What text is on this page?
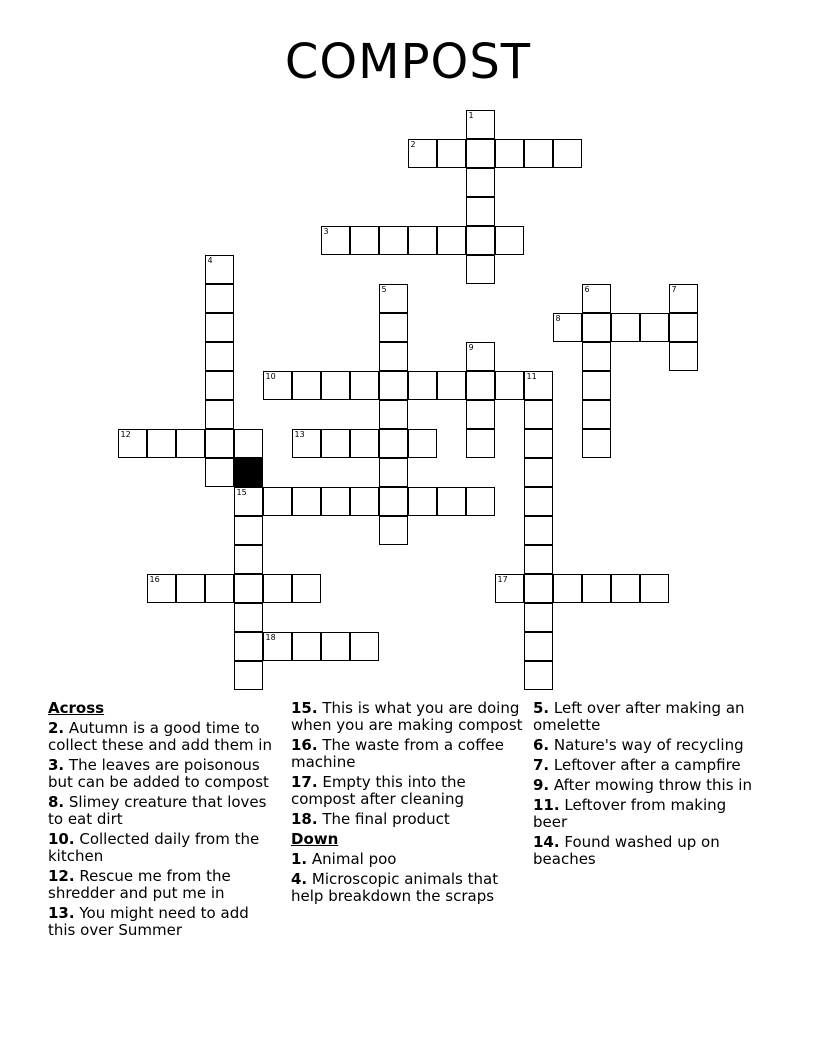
COMPOST
1
2
3
4
5	6	7
8
9
10	11
12	13
15
16	17
18
Across
2. Autumn is a good time to collect these and add them in
3. The leaves are poisonous but can be added to compost
8. Slimey creature that loves to eat dirt
10. Collected daily from the kitchen
12. Rescue me from the shredder and put me in
13. You might need to add this over Summer
15. This is what you are doing when you are making compost
16. The waste from a coffee machine
17. Empty this into the compost after cleaning
18. The final product
Down
1. Animal poo
4. Microscopic animals that help breakdown the scraps
5. Left over after making an omelette
6. Nature's way of recycling
7. Leftover after a campfire
9. After mowing throw this in
11. Leftover from making beer
14. Found washed up on beaches
